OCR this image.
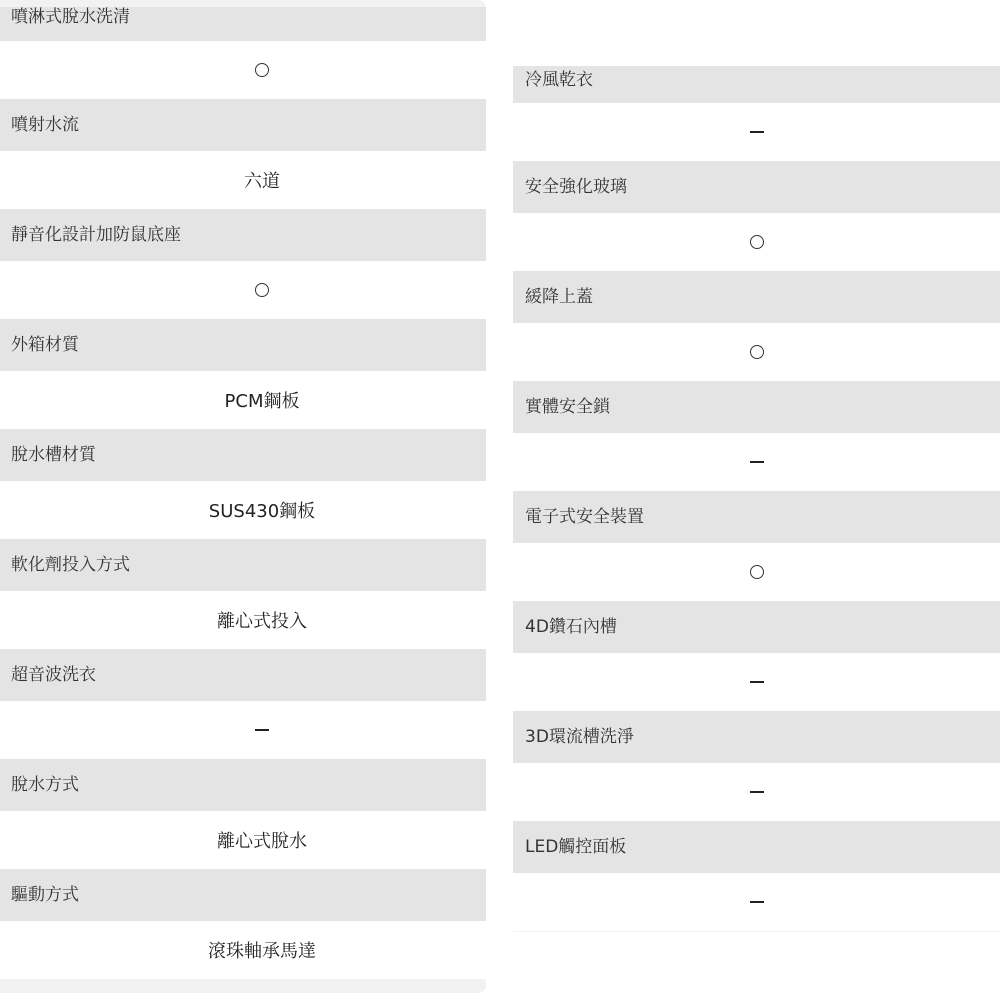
噴淋式脫水洗清
噴射水流
六道
靜音化設計加防鼠底座
外箱材質
PCM鋼板
脫水槽材質
SUS430鋼板
軟化劑投入方式
離心式投入
超音波洗衣
脫水方式
離心式脫水
驅動方式
滾珠軸承馬達
冷風乾衣
安全強化玻璃
緩降上蓋
實體安全鎖
電子式安全裝置
4D鑽石內槽
3D環流槽洗淨
LED觸控面板
